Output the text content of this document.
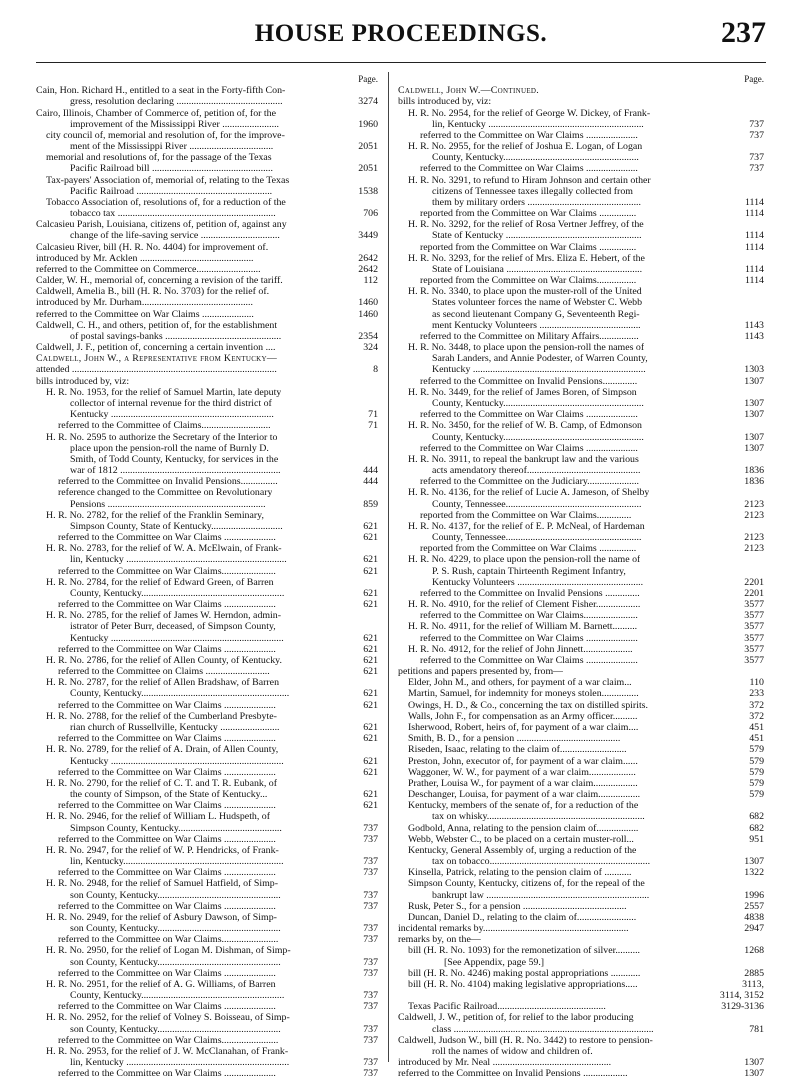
HOUSE PROCEEDINGS.	237
Page.
Cain, Hon. Richard H., entitled to a seat in the Forty-fifth Con-
gress, resolution declaring ...........................................	3274
Cairo, Illinois, Chamber of Commerce of, petition of, for the
improvement of the Mississippi River .......................	1960
city council of, memorial and resolution of, for the improve-
ment of the Mississippi River ..................................	2051
memorial and resolutions of, for the passage of the Texas
Pacific Railroad bill .................................................	2051
Tax-payers' Association of, memorial of, relating to the Texas
Pacific Railroad .......................................................	1538
Tobacco Association of, resolutions of, for a reduction of the
tobacco tax ................................................................	706
Calcasieu Parish, Louisiana, citizens of, petition of, against any
change of the life-saving service ................................	3449
Calcasieu River, bill (H. R. No. 4404) for improvement of.
introduced by Mr. Acklen ..............................................	2642
referred to the Committee on Commerce..........................	2642
Calder, W. H., memorial of, concerning a revision of the tariff.	112
Caldwell, Amelia B., bill (H. R. No. 3703) for the relief of.
introduced by Mr. Durham.............................................	1460
referred to the Committee on War Claims .....................	1460
Caldwell, C. H., and others, petition of, for the establishment
of postal savings-banks ...............................................	2354
Caldwell, J. F., petition of, concerning a certain invention ....	324
Caldwell, John W., a Representative from Kentucky—
attended ...................................................................................	8
bills introduced by, viz:
H. R. No. 1953, for the relief of Samuel Martin, late deputy
collector of internal revenue for the third district of
Kentucky ..................................................................	71
referred to the Committee of Claims............................	71
H. R. No. 2595 to authorize the Secretary of the Interior to
place upon the pension-roll the name of Burnly D.
Smith, of Todd County, Kentucky, for services in the
war of 1812 .................................................................	444
referred to the Committee on Invalid Pensions...............	444
reference changed to the Committee on Revolutionary
Pensions ................................................................	859
H. R. No. 2782, for the relief of the Franklin Seminary,
Simpson County, State of Kentucky.............................	621
referred to the Committee on War Claims .....................	621
H. R. No. 2783, for the relief of W. A. McElwain, of Frank-
lin, Kentucky .................................................................	621
referred to the Committee on War Claims......................	621
H. R. No. 2784, for the relief of Edward Green, of Barren
County, Kentucky..........................................................	621
referred to the Committee on War Claims .....................	621
H. R. No. 2785, for the relief of James W. Herndon, admin-
istrator of Peter Burr, deceased, of Simpson County,
Kentucky ......................................................................	621
referred to the Committee on War Claims .....................	621
H. R. No. 2786, for the relief of Allen County, of Kentucky.	621
referred to the Committee on Claims ..........................	621
H. R. No. 2787, for the relief of Allen Bradshaw, of Barren
County, Kentucky............................................................	621
referred to the Committee on War Claims .....................	621
H. R. No. 2788, for the relief of the Cumberland Presbyte-
rian church of Russellville, Kentucky ........................	621
referred to the Committee on War Claims .....................	621
H. R. No. 2789, for the relief of A. Drain, of Allen County,
Kentucky ......................................................................	621
referred to the Committee on War Claims .....................	621
H. R. No. 2790, for the relief of C. T. and T. R. Eubank, of
the county of Simpson, of the State of Kentucky...	621
referred to the Committee on War Claims .....................	621
H. R. No. 2946, for the relief of William L. Hudspeth, of
Simpson County, Kentucky..........................................	737
referred to the Committee on War Claims .....................	737
H. R. No. 2947, for the relief of W. P. Hendricks, of Frank-
lin, Kentucky.................................................................	737
referred to the Committee on War Claims .....................	737
H. R. No. 2948, for the relief of Samuel Hatfield, of Simp-
son County, Kentucky..................................................	737
referred to the Committee on War Claims .....................	737
H. R. No. 2949, for the relief of Asbury Dawson, of Simp-
son County, Kentucky..................................................	737
referred to the Committee on War Claims.......................	737
H. R. No. 2950, for the relief of Logan M. Dishman, of Simp-
son County, Kentucky..................................................	737
referred to the Committee on War Claims .....................	737
H. R. No. 2951, for the relief of A. G. Williams, of Barren
County, Kentucky..........................................................	737
referred to the Committee on War Claims .....................	737
H. R. No. 2952, for the relief of Volney S. Boisseau, of Simp-
son County, Kentucky..................................................	737
referred to the Committee on War Claims.......................	737
H. R. No. 2953, for the relief of J. W. McClanahan, of Frank-
lin, Kentucky ..................................................................	737
referred to the Committee on War Claims .....................	737
Page.
Caldwell, John W.—Continued.
bills introduced by, viz:
H. R. No. 2954, for the relief of George W. Dickey, of Frank-
lin, Kentucky ...............................................................	737
referred to the Committee on War Claims .....................	737
H. R. No. 2955, for the relief of Joshua E. Logan, of Logan
County, Kentucky.......................................................	737
referred to the Committee on War Claims .....................	737
H. R. No. 3291, to refund to Hiram Johnson and certain other
citizens of Tennessee taxes illegally collected from
them by military orders ..............................................	1114
reported from the Committee on War Claims ...............	1114
H. R. No. 3292, for the relief of Rosa Vertner Jeffrey, of the
State of Kentucky .......................................................	1114
reported from the Committee on War Claims ...............	1114
H. R. No. 3293, for the relief of Mrs. Eliza E. Hebert, of the
State of Louisiana .......................................................	1114
reported from the Committee on War Claims................	1114
H. R. No. 3340, to place upon the muster-roll of the United
States volunteer forces the name of Webster C. Webb
as second lieutenant Company G, Seventeenth Regi-
ment Kentucky Volunteers .........................................	1143
referred to the Committee on Military Affairs................	1143
H. R. No. 3448, to place upon the pension-roll the names of
Sarah Landers, and Annie Podester, of Warren County,
Kentucky ......................................................................	1303
referred to the Committee on Invalid Pensions..............	1307
H. R. No. 3449, for the relief of James Boren, of Simpson
County, Kentucky.........................................................	1307
referred to the Committee on War Claims .....................	1307
H. R. No. 3450, for the relief of W. B. Camp, of Edmonson
County, Kentucky.........................................................	1307
referred to the Committee on War Claims .....................	1307
H. R. No. 3911, to repeal the bankrupt law and the various
acts amendatory thereof..............................................	1836
referred to the Committee on the Judiciary.....................	1836
H. R. No. 4136, for the relief of Lucie A. Jameson, of Shelby
County, Tennessee.......................................................	2123
reported from the Committee on War Claims..............	2123
H. R. No. 4137, for the relief of E. P. McNeal, of Hardeman
County, Tennessee.......................................................	2123
reported from the Committee on War Claims ...............	2123
H. R. No. 4229, to place upon the pension-roll the name of
P. S. Rush, captain Thirteenth Regiment Infantry,
Kentucky Volunteers ...................................................	2201
referred to the Committee on Invalid Pensions ..............	2201
H. R. No. 4910, for the relief of Clement Fisher..................	3577
referred to the Committee on War Claims......................	3577
H. R. No. 4911, for the relief of William M. Barnett..........	3577
referred to the Committee on War Claims .....................	3577
H. R. No. 4912, for the relief of John Jinnett....................	3577
referred to the Committee on War Claims .....................	3577
petitions and papers presented by, from—
Elder, John M., and others, for payment of a war claim...	110
Martin, Samuel, for indemnity for moneys stolen...............	233
Owings, H. D., & Co., concerning the tax on distilled spirits.	372
Walls, John F., for compensation as an Army officer..........	372
Isherwood, Robert, heirs of, for payment of a war claim....	451
Smith, B. D., for a pension ..........................................	451
Riseden, Isaac, relating to the claim of...........................	579
Preston, John, executor of, for payment of a war claim......	579
Waggoner, W. W., for payment of a war claim...................	579
Prather, Louisa W., for payment of a war claim..................	579
Deschanger, Louisa, for payment of a war claim.................	579
Kentucky, members of the senate of, for a reduction of the
tax on whisky................................................................	682
Godbold, Anna, relating to the pension claim of.................	682
Webb, Webster C., to be placed on a certain muster-roll...	951
Kentucky, General Assembly of, urging a reduction of the
tax on tobacco.................................................................	1307
Kinsella, Patrick, relating to the pension claim of ...........	1322
Simpson County, Kentucky, citizens of, for the repeal of the
bankrupt law ..................................................................	1996
Rusk, Peter S., for a pension ..........................................	2557
Duncan, Daniel D., relating to the claim of........................	4838
incidental remarks by...........................................................	2947
remarks by, on the—
bill (H. R. No. 1093) for the remonetization of silver..........	1268
[See Appendix, page 59.]
bill (H. R. No. 4246) making postal appropriations ............	2885
bill (H. R. No. 4104) making legislative appropriations.....	3113,
3114, 3152
Texas Pacific Railroad............................................	3129-3136
Caldwell, J. W., petition of, for relief to the labor producing
class .................................................................................	781
Caldwell, Judson W., bill (H. R. No. 3442) to restore to pension-
roll the names of widow and children of.
introduced by Mr. Neal ................................................	1307
referred to the Committee on Invalid Pensions ..................	1307
